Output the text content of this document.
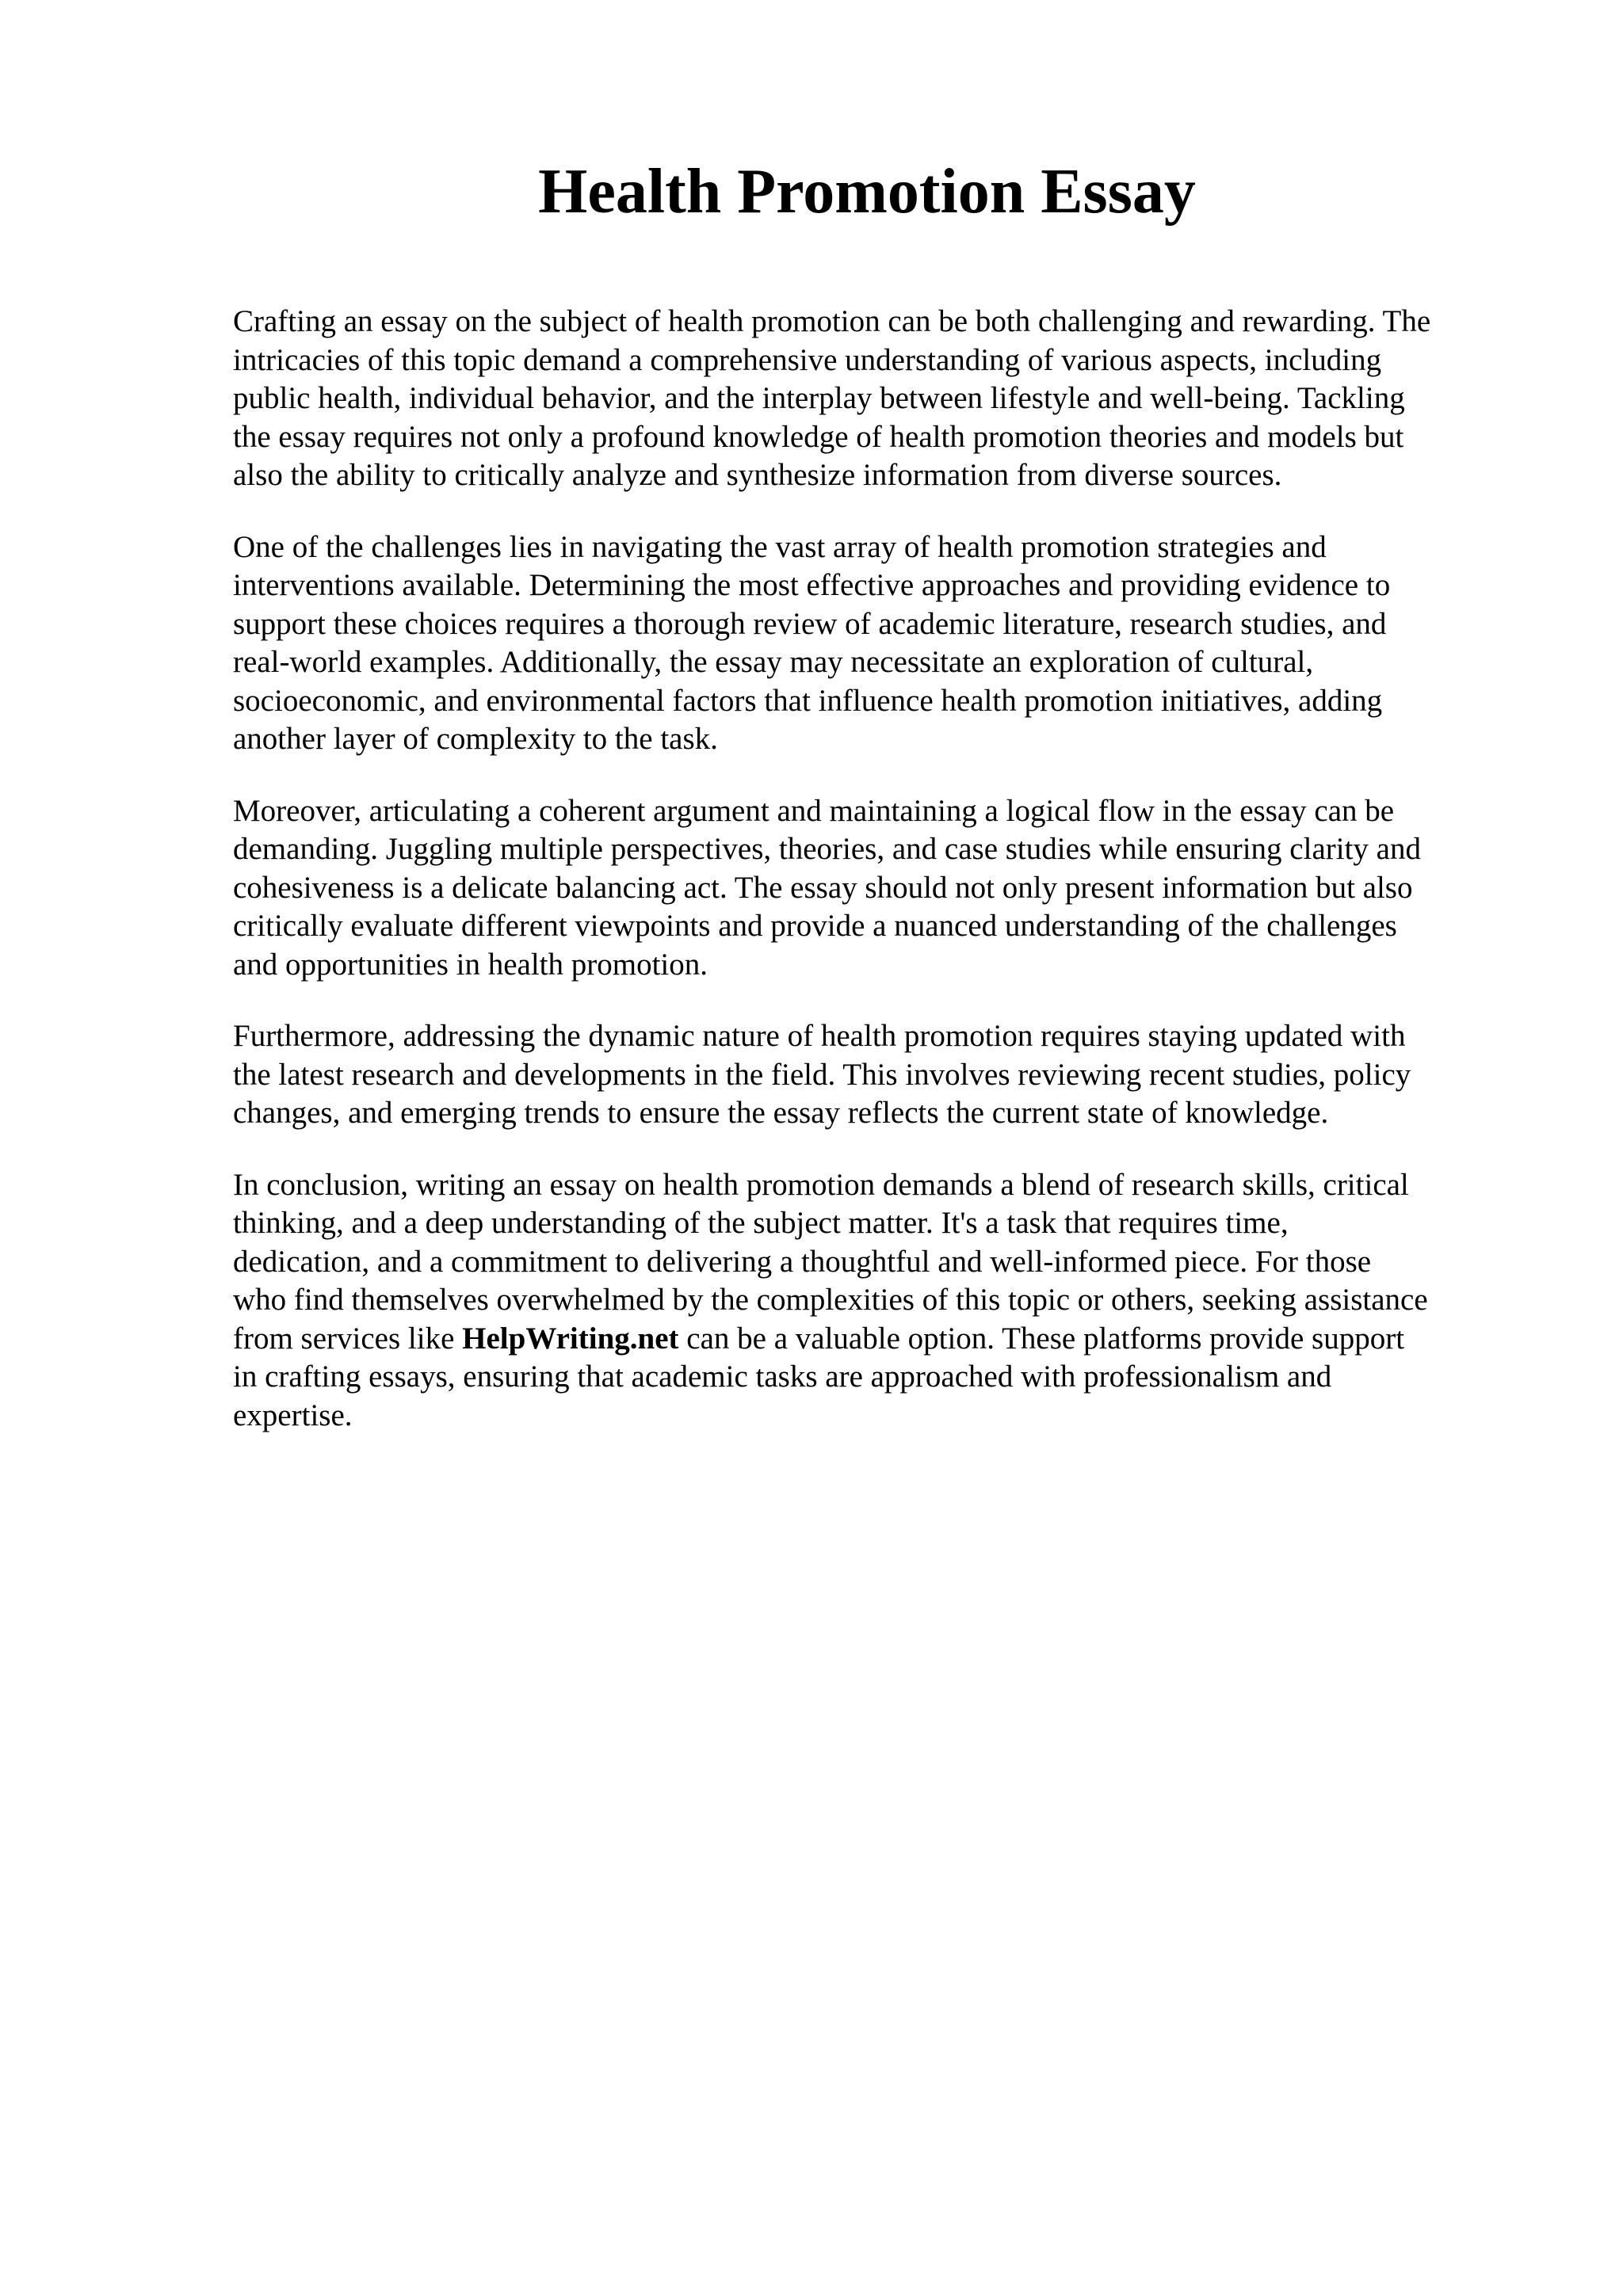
Health Promotion Essay

Crafting an essay on the subject of health promotion can be both challenging and rewarding. The
intricacies of this topic demand a comprehensive understanding of various aspects, including
public health, individual behavior, and the interplay between lifestyle and well-being. Tackling
the essay requires not only a profound knowledge of health promotion theories and models but
also the ability to critically analyze and synthesize information from diverse sources.

One of the challenges lies in navigating the vast array of health promotion strategies and
interventions available. Determining the most effective approaches and providing evidence to
support these choices requires a thorough review of academic literature, research studies, and
real-world examples. Additionally, the essay may necessitate an exploration of cultural,
socioeconomic, and environmental factors that influence health promotion initiatives, adding
another layer of complexity to the task.

Moreover, articulating a coherent argument and maintaining a logical flow in the essay can be
demanding. Juggling multiple perspectives, theories, and case studies while ensuring clarity and
cohesiveness is a delicate balancing act. The essay should not only present information but also
critically evaluate different viewpoints and provide a nuanced understanding of the challenges
and opportunities in health promotion.

Furthermore, addressing the dynamic nature of health promotion requires staying updated with
the latest research and developments in the field. This involves reviewing recent studies, policy
changes, and emerging trends to ensure the essay reflects the current state of knowledge.

In conclusion, writing an essay on health promotion demands a blend of research skills, critical
thinking, and a deep understanding of the subject matter. It's a task that requires time,
dedication, and a commitment to delivering a thoughtful and well-informed piece. For those
who find themselves overwhelmed by the complexities of this topic or others, seeking assistance
from services like HelpWriting.net can be a valuable option. These platforms provide support
in crafting essays, ensuring that academic tasks are approached with professionalism and
expertise.
